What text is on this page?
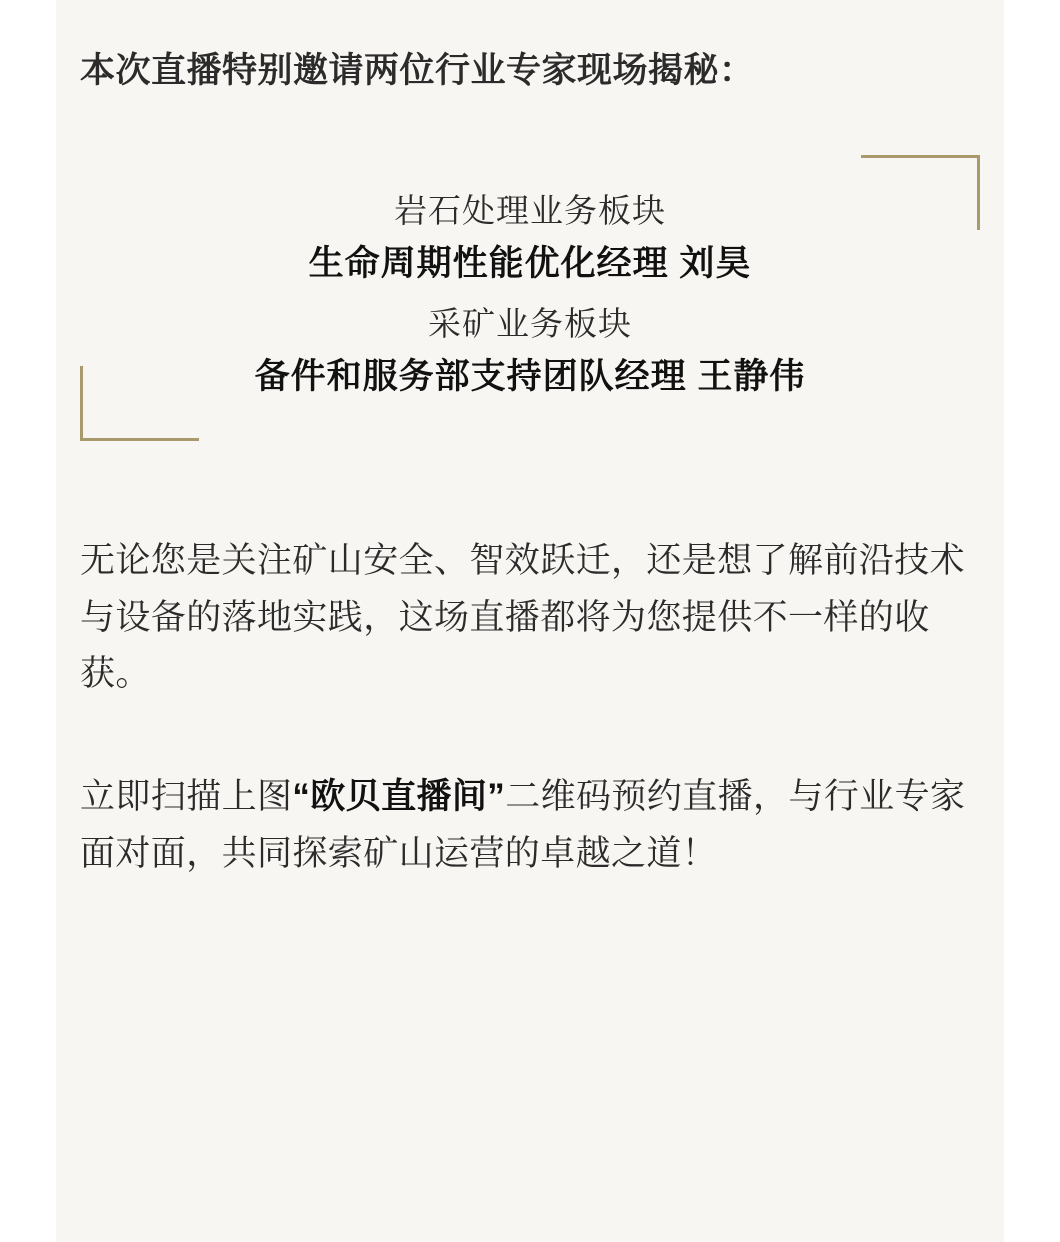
本次直播特别邀请两位行业专家现场揭秘：

岩石处理业务板块
生命周期性能优化经理 刘昊
采矿业务板块
备件和服务部支持团队经理 王静伟

无论您是关注矿山安全、智效跃迁，还是想了解前沿技术与设备的落地实践，这场直播都将为您提供不一样的收获。

立即扫描上图“欧贝直播间”二维码预约直播，与行业专家面对面，共同探索矿山运营的卓越之道！
